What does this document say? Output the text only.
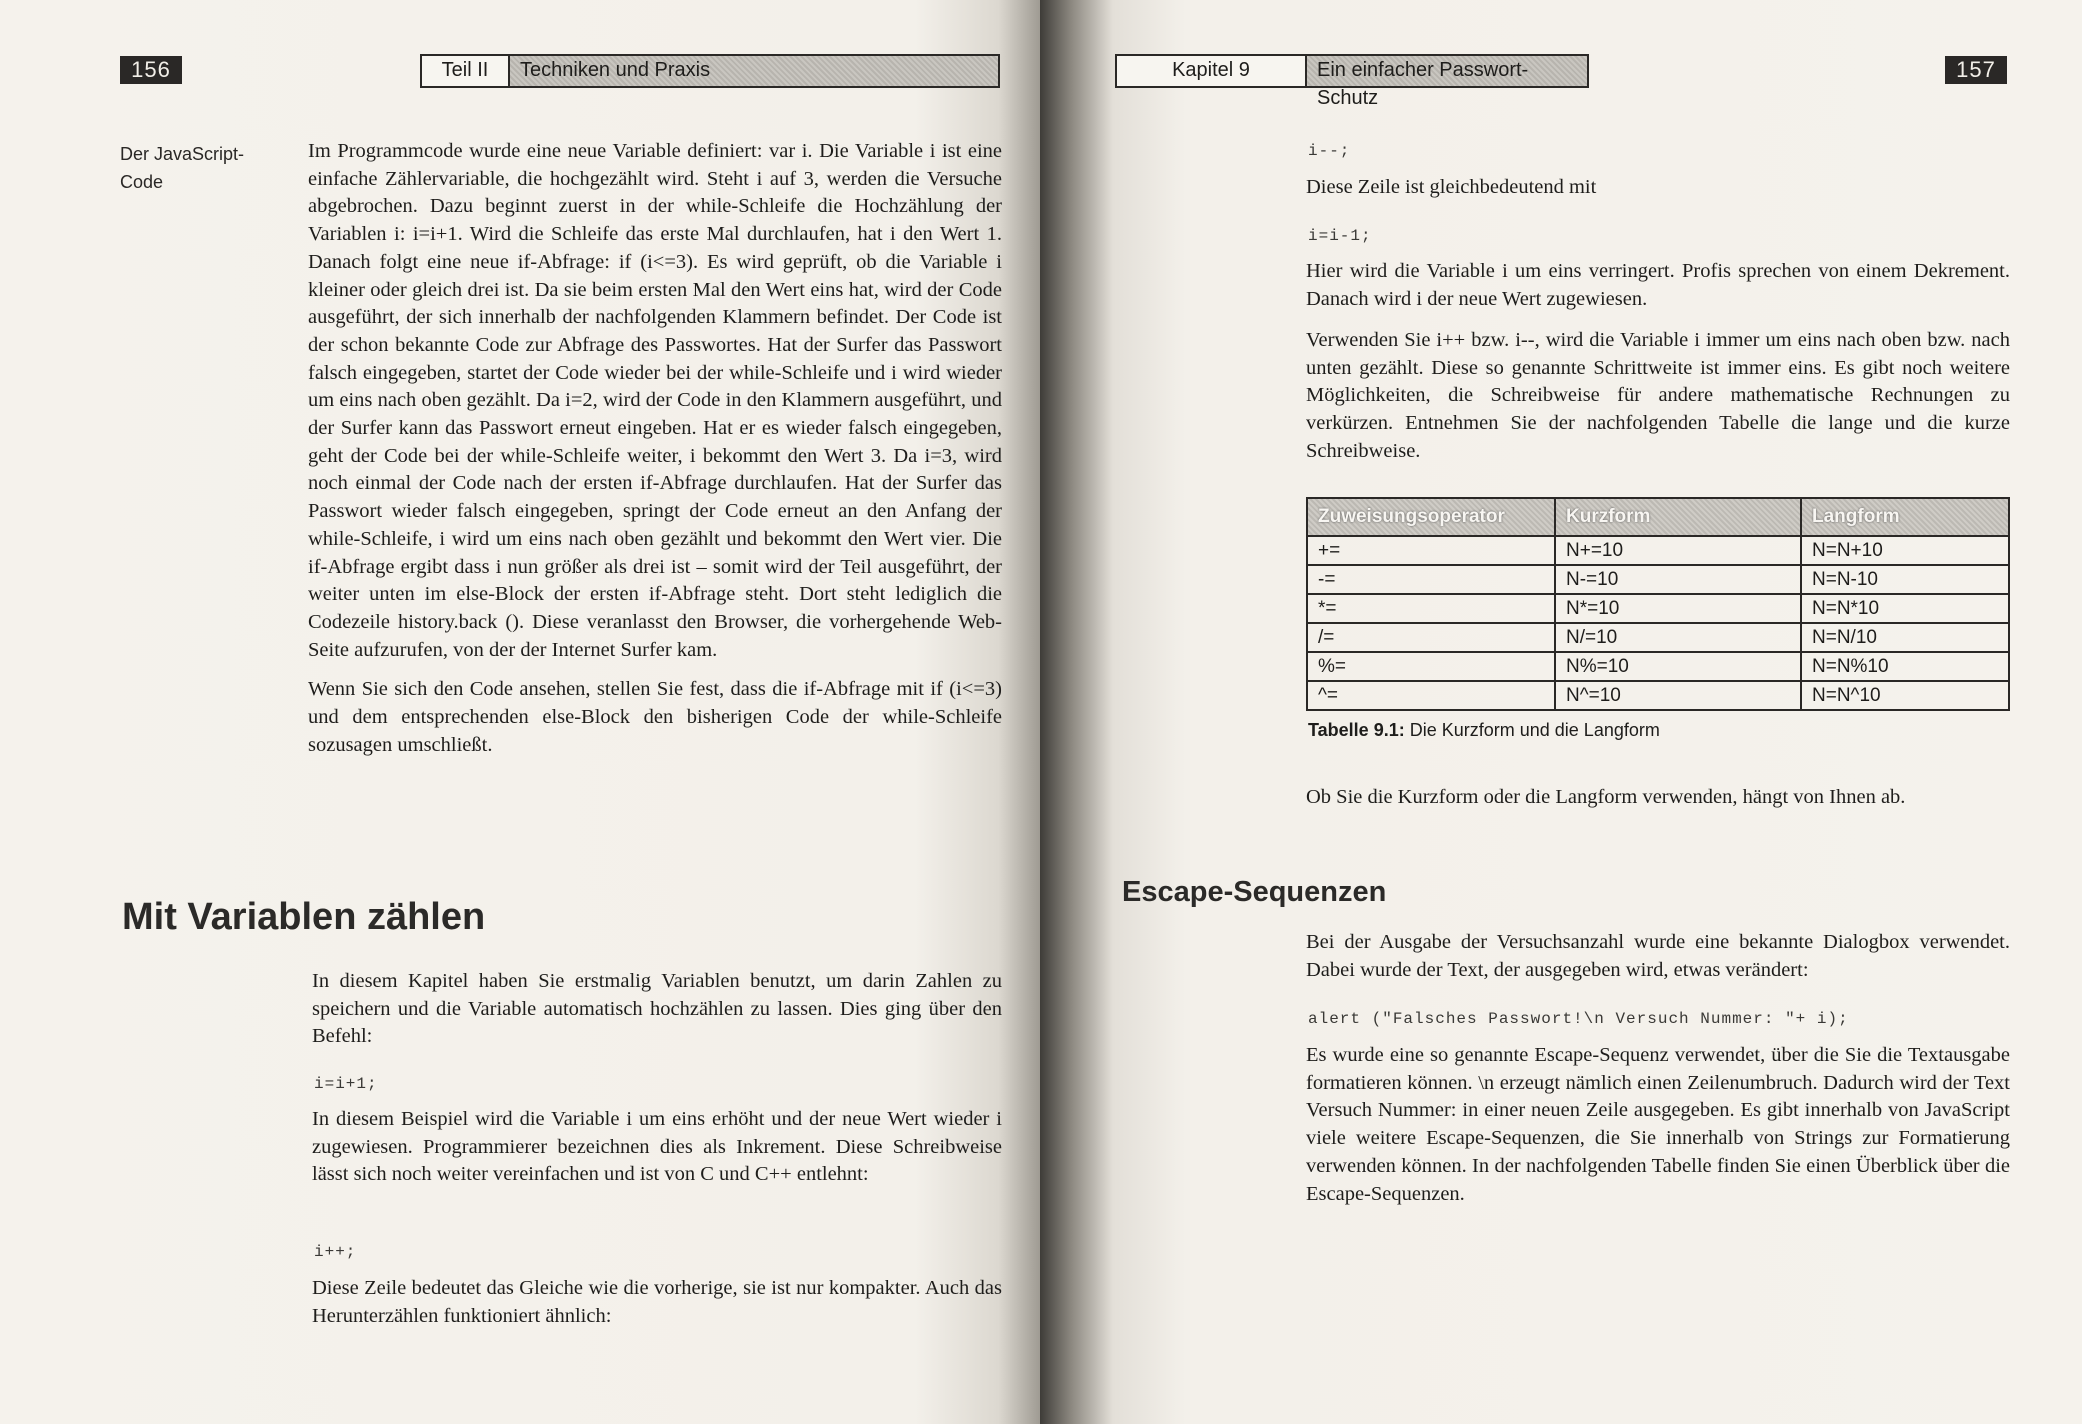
156	Teil II	Techniken und Praxis
Der JavaScript-Code

Im Programmcode wurde eine neue Variable definiert: var i. Die Variable i ist eine einfache Zählervariable, die hochgezählt wird. Steht i auf 3, werden die Versuche abgebrochen. Dazu beginnt zuerst in der while-Schleife die Hochzählung der Variablen i: i=i+1. Wird die Schleife das erste Mal durchlaufen, hat i den Wert 1. Danach folgt eine neue if-Abfrage: if (i<=3). Es wird geprüft, ob die Variable i kleiner oder gleich drei ist. Da sie beim ersten Mal den Wert eins hat, wird der Code ausgeführt, der sich innerhalb der nachfolgenden Klammern befindet. Der Code ist der schon bekannte Code zur Abfrage des Passwortes. Hat der Surfer das Passwort falsch eingegeben, startet der Code wieder bei der while-Schleife und i wird wieder um eins nach oben gezählt. Da i=2, wird der Code in den Klammern ausgeführt, und der Surfer kann das Passwort erneut eingeben. Hat er es wieder falsch eingegeben, geht der Code bei der while-Schleife weiter, i bekommt den Wert 3. Da i=3, wird noch einmal der Code nach der ersten if-Abfrage durchlaufen. Hat der Surfer das Passwort wieder falsch eingegeben, springt der Code erneut an den Anfang der while-Schleife, i wird um eins nach oben gezählt und bekommt den Wert vier. Die if-Abfrage ergibt dass i nun größer als drei ist – somit wird der Teil ausgeführt, der weiter unten im else-Block der ersten if-Abfrage steht. Dort steht lediglich die Codezeile history.back (). Diese veranlasst den Browser, die vorhergehende Web-Seite aufzurufen, von der der Internet Surfer kam.

Wenn Sie sich den Code ansehen, stellen Sie fest, dass die if-Abfrage mit if (i<=3) und dem entsprechenden else-Block den bisherigen Code der while-Schleife sozusagen umschließt.

Mit Variablen zählen
In diesem Kapitel haben Sie erstmalig Variablen benutzt, um darin Zahlen zu speichern und die Variable automatisch hochzählen zu lassen. Dies ging über den Befehl:
i=i+1;
In diesem Beispiel wird die Variable i um eins erhöht und der neue Wert wieder i zugewiesen. Programmierer bezeichnen dies als Inkrement. Diese Schreibweise lässt sich noch weiter vereinfachen und ist von C und C++ entlehnt:
i++;
Diese Zeile bedeutet das Gleiche wie die vorherige, sie ist nur kompakter. Auch das Herunterzählen funktioniert ähnlich:
Kapitel 9	Ein einfacher Passwort-Schutz
157
i--;
Diese Zeile ist gleichbedeutend mit
i=i-1;
Hier wird die Variable i um eins verringert. Profis sprechen von einem Dekrement. Danach wird i der neue Wert zugewiesen.
Verwenden Sie i++ bzw. i--, wird die Variable i immer um eins nach oben bzw. nach unten gezählt. Diese so genannte Schrittweite ist immer eins. Es gibt noch weitere Möglichkeiten, die Schreibweise für andere mathematische Rechnungen zu verkürzen. Entnehmen Sie der nachfolgenden Tabelle die lange und die kurze Schreibweise.
Zuweisungsoperator	Kurzform	Langform
+=	N+=10	N=N+10
-=	N-=10	N=N-10
*=	N*=10	N=N*10
/=	N/=10	N=N/10
%=	N%=10	N=N%10
^=	N^=10	N=N^10
Tabelle 9.1: Die Kurzform und die Langform
Ob Sie die Kurzform oder die Langform verwenden, hängt von Ihnen ab.
Escape-Sequenzen
Bei der Ausgabe der Versuchsanzahl wurde eine bekannte Dialogbox verwendet. Dabei wurde der Text, der ausgegeben wird, etwas verändert:
alert ("Falsches Passwort!\n Versuch Nummer: "+ i);
Es wurde eine so genannte Escape-Sequenz verwendet, über die Sie die Textausgabe formatieren können. \n erzeugt nämlich einen Zeilenumbruch. Dadurch wird der Text Versuch Nummer: in einer neuen Zeile ausgegeben. Es gibt innerhalb von JavaScript viele weitere Escape-Sequenzen, die Sie innerhalb von Strings zur Formatierung verwenden können. In der nachfolgenden Tabelle finden Sie einen Überblick über die Escape-Sequenzen.
